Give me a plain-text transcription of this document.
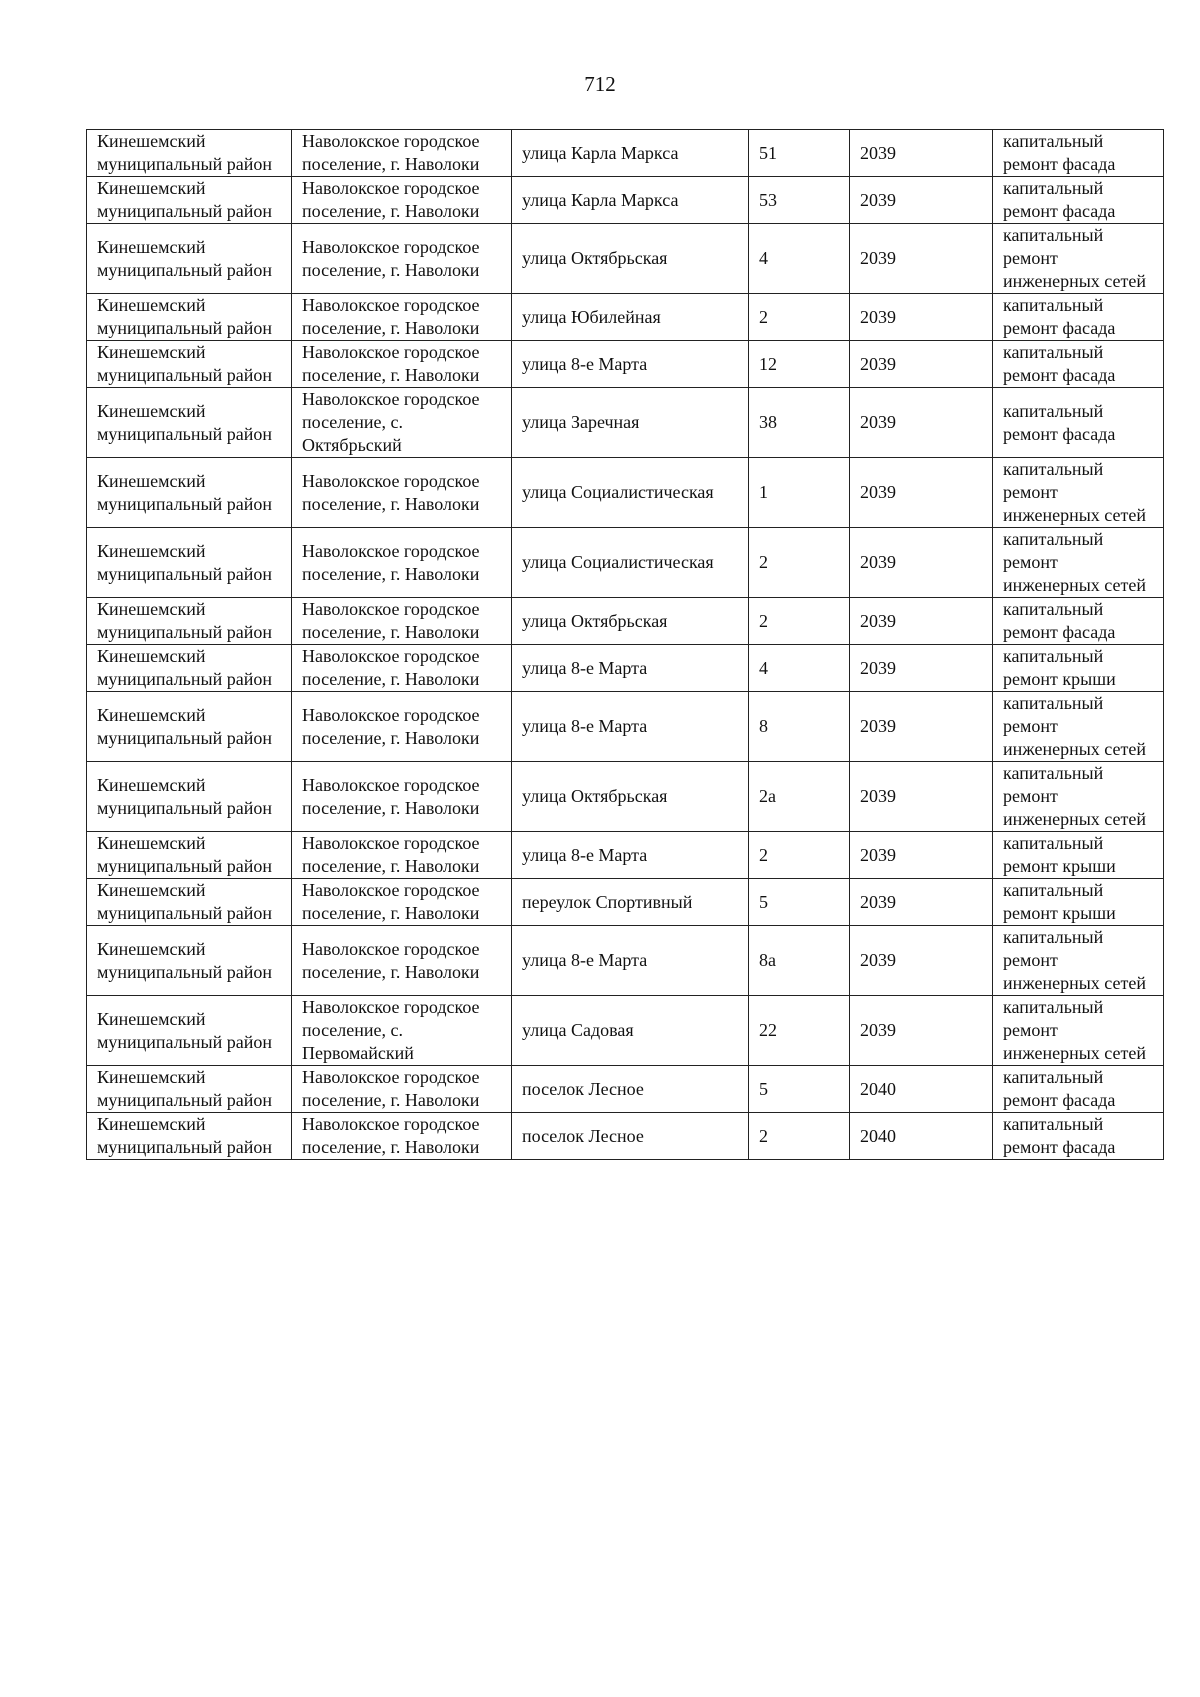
712
Кинешемский муниципальный район	Наволокское городское поселение, г. Наволоки	улица Карла Маркса	51	2039	капитальный ремонт фасада

Кинешемский муниципальный район	Наволокское городское поселение, г. Наволоки	улица Карла Маркса	53	2039	капитальный ремонт фасада

Кинешемский муниципальный район	Наволокское городское поселение, г. Наволоки	улица Октябрьская	4	2039	капитальный ремонт инженерных сетей

Кинешемский муниципальный район	Наволокское городское поселение, г. Наволоки	улица Юбилейная	2	2039	капитальный ремонт фасада

Кинешемский муниципальный район	Наволокское городское поселение, г. Наволоки	улица 8-е Марта	12	2039	капитальный ремонт фасада

Кинешемский муниципальный район	Наволокское городское поселение, с. Октябрьский	улица Заречная	38	2039	капитальный ремонт фасада

Кинешемский муниципальный район	Наволокское городское поселение, г. Наволоки	улица Социалистическая	1	2039	капитальный ремонт инженерных сетей

Кинешемский муниципальный район	Наволокское городское поселение, г. Наволоки	улица Социалистическая	2	2039	капитальный ремонт инженерных сетей

Кинешемский муниципальный район	Наволокское городское поселение, г. Наволоки	улица Октябрьская	2	2039	капитальный ремонт фасада

Кинешемский муниципальный район	Наволокское городское поселение, г. Наволоки	улица 8-е Марта	4	2039	капитальный ремонт крыши

Кинешемский муниципальный район	Наволокское городское поселение, г. Наволоки	улица 8-е Марта	8	2039	капитальный ремонт инженерных сетей

Кинешемский муниципальный район	Наволокское городское поселение, г. Наволоки	улица Октябрьская	2а	2039	капитальный ремонт инженерных сетей

Кинешемский муниципальный район	Наволокское городское поселение, г. Наволоки	улица 8-е Марта	2	2039	капитальный ремонт крыши

Кинешемский муниципальный район	Наволокское городское поселение, г. Наволоки	переулок Спортивный	5	2039	капитальный ремонт крыши

Кинешемский муниципальный район	Наволокское городское поселение, г. Наволоки	улица 8-е Марта	8а	2039	капитальный ремонт инженерных сетей

Кинешемский муниципальный район	Наволокское городское поселение, с. Первомайский	улица Садовая	22	2039	капитальный ремонт инженерных сетей

Кинешемский муниципальный район	Наволокское городское поселение, г. Наволоки	поселок Лесное	5	2040	капитальный ремонт фасада

Кинешемский муниципальный район	Наволокское городское поселение, г. Наволоки	поселок Лесное	2	2040	капитальный ремонт фасада
